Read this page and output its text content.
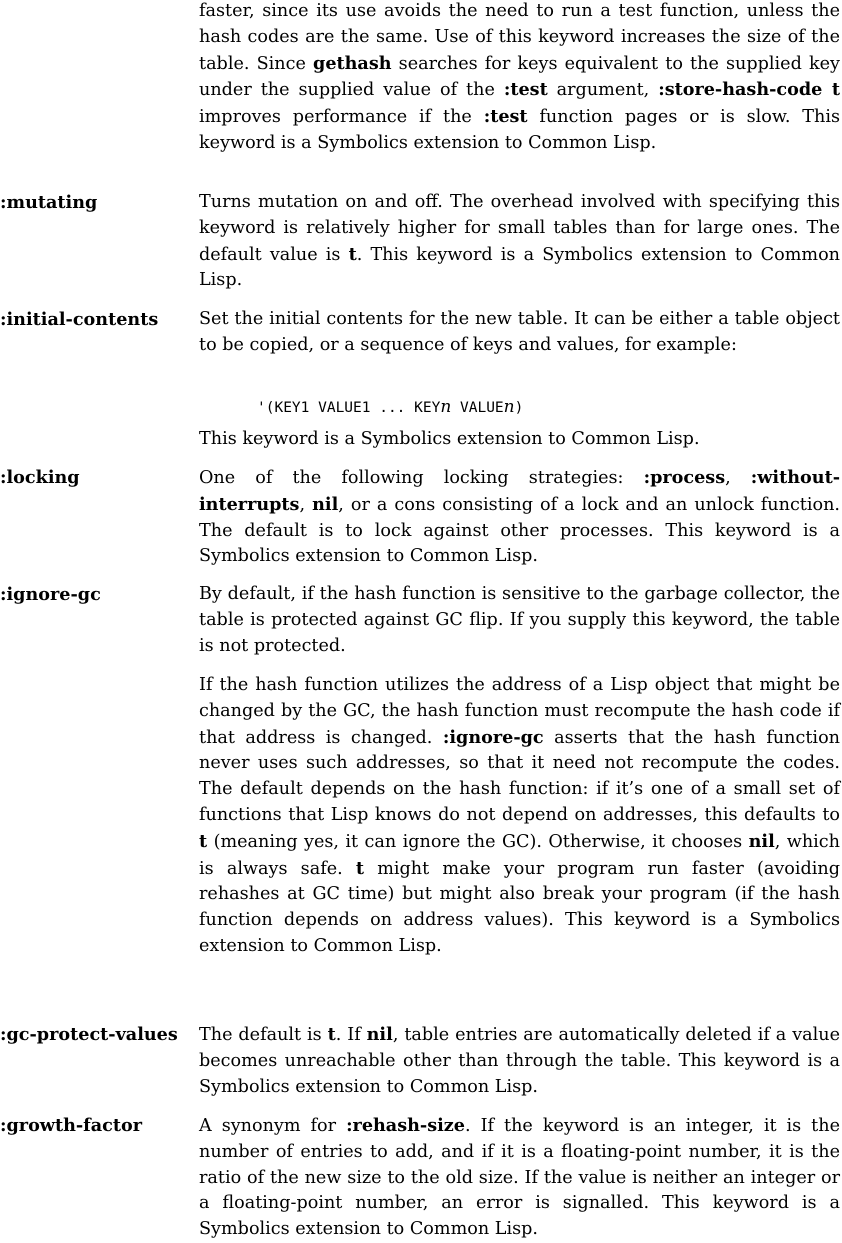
faster, since its use avoids the need to run a test function, unless the hash codes are the same. Use of this keyword increases the size of the table. Since gethash searches for keys equivalent to the supplied key under the supplied value of the :test argument, :store-hash-code t improves performance if the :test function pages or is slow. This keyword is a Symbolics extension to Common Lisp.

:mutating	Turns mutation on and off. The overhead involved with specifying this keyword is relatively higher for small tables than for large ones. The default value is t. This keyword is a Symbolics extension to Common Lisp.

:initial-contents Set the initial contents for the new table. It can be either a table object to be copied, or a sequence of keys and values, for example:

'(KEY1 VALUE1 ... KEYn VALUEn)

This keyword is a Symbolics extension to Common Lisp.

:locking	One of the following locking strategies: :process, :without-interrupts, nil, or a cons consisting of a lock and an unlock function. The default is to lock against other processes. This keyword is a Symbolics extension to Common Lisp.

:ignore-gc	By default, if the hash function is sensitive to the garbage collector, the table is protected against GC flip. If you supply this keyword, the table is not protected.

If the hash function utilizes the address of a Lisp object that might be changed by the GC, the hash function must recompute the hash code if that address is changed. :ignore-gc asserts that the hash function never uses such addresses, so that it need not recompute the codes. The default depends on the hash function: if it’s one of a small set of functions that Lisp knows do not depend on addresses, this defaults to t (meaning yes, it can ignore the GC). Otherwise, it chooses nil, which is always safe. t might make your program run faster (avoiding rehashes at GC time) but might also break your program (if the hash function depends on address values). This keyword is a Symbolics extension to Common Lisp.

:gc-protect-values The default is t. If nil, table entries are automatically deleted if a value becomes unreachable other than through the table. This keyword is a Symbolics extension to Common Lisp.

:growth-factor	A synonym for :rehash-size. If the keyword is an integer, it is the number of entries to add, and if it is a floating-point number, it is the ratio of the new size to the old size. If the value is neither an integer or a floating-point number, an error is signalled. This keyword is a Symbolics extension to Common Lisp.
